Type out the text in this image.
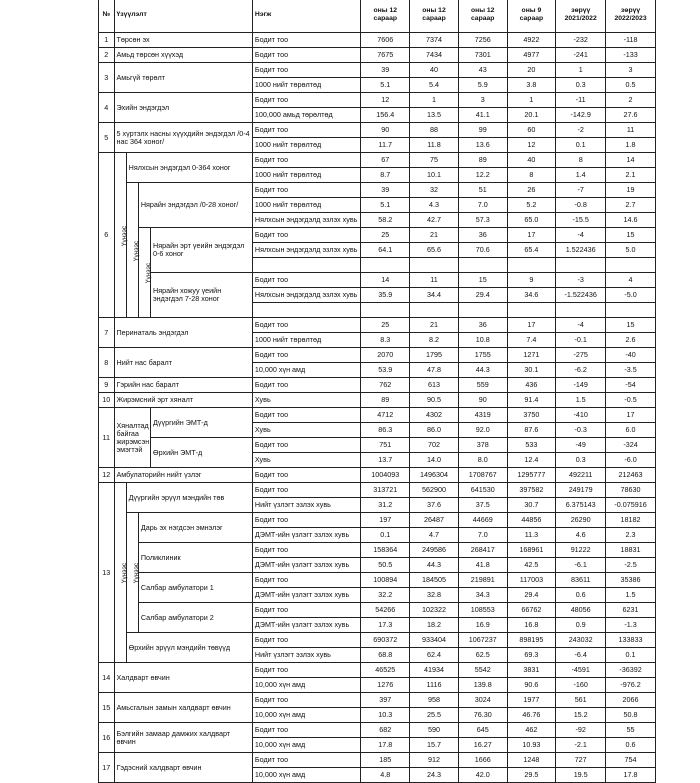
№	Үзүүлэлт				Нэгж	оны 12 сараар	оны 12 сараар	оны 12 сараар	оны 9 сараар	зөрүү 2021/2022	зөрүү 2022/2023
1	Төрсөн эх				Бодит тоо	7606	7374	7256	4922	-232	-118
2	Амьд төрсөн хүүхэд				Бодит тоо	7675	7434	7301	4977	-241	-133
3	Амьгүй төрөлт				Бодит тоо	39	40	43	20	1	3
					1000 нийт төрөлтөд	5.1	5.4	5.9	3.8	0.3	0.5
4	Эхийн эндэгдэл				Бодит тоо	12	1	3	1	-11	2
					100,000 амьд төрөлтөд	156.4	13.5	41.1	20.1	-142.9	27.6
5	5 хүртэлх насны хүүхдийн эндэгдэл /0-4 нас 364 хоног/				Бодит тоо	90	88	99	60	-2	11
					1000 нийт төрөлтөд	11.7	11.8	13.6	12	0.1	1.8
6	Үүнээс	Нялхсын эндэгдэл 0-364 хоног			Бодит тоо	67	75	89	40	8	14
					1000 нийт төрөлтөд	8.7	10.1	12.2	8	1.4	2.1
		Үүнээс	Нярайн эндэгдэл /0-28 хоног/		Бодит тоо	39	32	51	26	-7	19
					1000 нийт төрөлтөд	5.1	4.3	7.0	5.2	-0.8	2.7
					Нялхсын эндэгдэлд эзлэх хувь	58.2	42.7	57.3	65.0	-15.5	14.6
			Үүнээс	Нярайн эрт үеийн эндэгдэл 0-6 хоног	Бодит тоо	25	21	36	17	-4	15
					Нялхсын эндэгдэлд эзлэх хувь	64.1	65.6	70.6	65.4	1.522436	5.0

				Нярайн хожуу үеийн эндэгдэл 7-28 хоног	Бодит тоо	14	11	15	9	-3	4
					Нялхсын эндэгдэлд эзлэх хувь	35.9	34.4	29.4	34.6	-1.522436	-5.0

7	Перинаталь эндэгдэл				Бодит тоо	25	21	36	17	-4	15
					1000 нийт төрөлтөд	8.3	8.2	10.8	7.4	-0.1	2.6
8	Нийт нас баралт				Бодит тоо	2070	1795	1755	1271	-275	-40
					10,000 хүн амд	53.9	47.8	44.3	30.1	-6.2	-3.5
9	Гэрийн нас баралт				Бодит тоо	762	613	559	436	-149	-54
10	Жирэмсний эрт хяналт				Хувь	89	90.5	90	91.4	1.5	-0.5
11	Хяналтад байгаа жирэмсэн эмэгтэй			Дүүргийн ЭМТ-д	Бодит тоо	4712	4302	4319	3750	-410	17
					Хувь	86.3	86.0	92.0	87.6	-0.3	6.0
				Өрхийн ЭМТ-д	Бодит тоо	751	702	378	533	-49	-324
					Хувь	13.7	14.0	8.0	12.4	0.3	-6.0
12	Амбулаторийн нийт үзлэг				Бодит тоо	1004093	1496304	1708767	1295777	492211	212463
13	Үүнээс	Дүүргийн эрүүл мэндийн төв			Бодит тоо	313721	562900	641530	397582	249179	78630
					Нийт үзлэгт эзлэх хувь	31.2	37.6	37.5	30.7	6.375143	-0.075916
		Үүнээс	Дарь эх нэгдсэн эмнэлэг		Бодит тоо	197	26487	44669	44856	26290	18182
					ДЭМТ-ийн үзлэгт эзлэх хувь	0.1	4.7	7.0	11.3	4.6	2.3
			Поликлиник		Бодит тоо	158364	249586	268417	168961	91222	18831
					ДЭМТ-ийн үзлэгт эзлэх хувь	50.5	44.3	41.8	42.5	-6.1	-2.5
			Салбар амбулатори 1		Бодит тоо	100894	184505	219891	117003	83611	35386
					ДЭМТ-ийн үзлэгт эзлэх хувь	32.2	32.8	34.3	29.4	0.6	1.5
			Салбар амбулатори 2		Бодит тоо	54266	102322	108553	66762	48056	6231
					ДЭМТ-ийн үзлэгт эзлэх хувь	17.3	18.2	16.9	16.8	0.9	-1.3
		Өрхийн эрүүл мэндийн төвүүд			Бодит тоо	690372	933404	1067237	898195	243032	133833
					Нийт үзлэгт эзлэх хувь	68.8	62.4	62.5	69.3	-6.4	0.1
14	Халдварт өвчин				Бодит тоо	46525	41934	5542	3831	-4591	-36392
					10,000 хүн амд	1276	1116	139.8	90.6	-160	-976.2
15	Амьсгалын замын халдварт өвчин				Бодит тоо	397	958	3024	1977	561	2066
					10,000 хүн амд	10.3	25.5	76.30	46.76	15.2	50.8
16	Бэлгийн замаар дамжих халдварт өвчин				Бодит тоо	682	590	645	462	-92	55
					10,000 хүн амд	17.8	15.7	16.27	10.93	-2.1	0.6
17	Гэдэсний халдварт өвчин				Бодит тоо	185	912	1666	1248	727	754
					10,000 хүн амд	4.8	24.3	42.0	29.5	19.5	17.8
